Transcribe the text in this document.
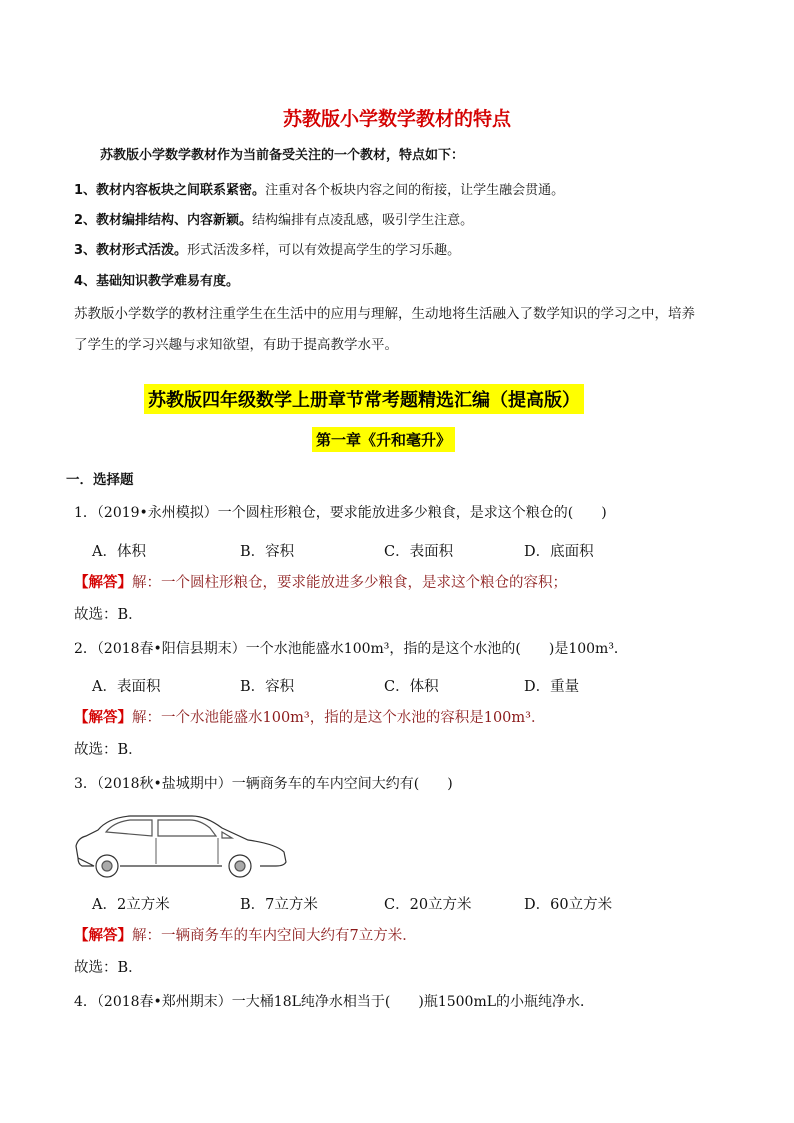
苏教版小学数学教材的特点
苏教版小学数学教材作为当前备受关注的一个教材，特点如下：
1、教材内容板块之间联系紧密。注重对各个板块内容之间的衔接，让学生融会贯通。
2、教材编排结构、内容新颖。结构编排有点凌乱感，吸引学生注意。
3、教材形式活泼。形式活泼多样，可以有效提高学生的学习乐趣。
4、基础知识教学难易有度。
苏教版小学数学的教材注重学生在生活中的应用与理解，生动地将生活融入了数学知识的学习之中，培养
了学生的学习兴趣与求知欲望，有助于提高教学水平。
苏教版四年级数学上册章节常考题精选汇编（提高版）
第一章《升和毫升》
一．选择题
1．（2019•永州模拟）一个圆柱形粮仓，要求能放进多少粮食，是求这个粮仓的(　　)
A．体积	B．容积	C．表面积	D．底面积
【解答】解：一个圆柱形粮仓，要求能放进多少粮食，是求这个粮仓的容积；
故选：B．
2．（2018春•阳信县期末）一个水池能盛水100m³，指的是这个水池的(　　)是100m³．
A．表面积	B．容积	C．体积	D．重量
【解答】解：一个水池能盛水100m³，指的是这个水池的容积是100m³．
故选：B．
3．（2018秋•盐城期中）一辆商务车的车内空间大约有(　　)
A．2立方米	B．7立方米	C．20立方米	D．60立方米
【解答】解：一辆商务车的车内空间大约有7立方米．
故选：B．
4．（2018春•郑州期末）一大桶18L纯净水相当于(　　)瓶1500mL的小瓶纯净水．
